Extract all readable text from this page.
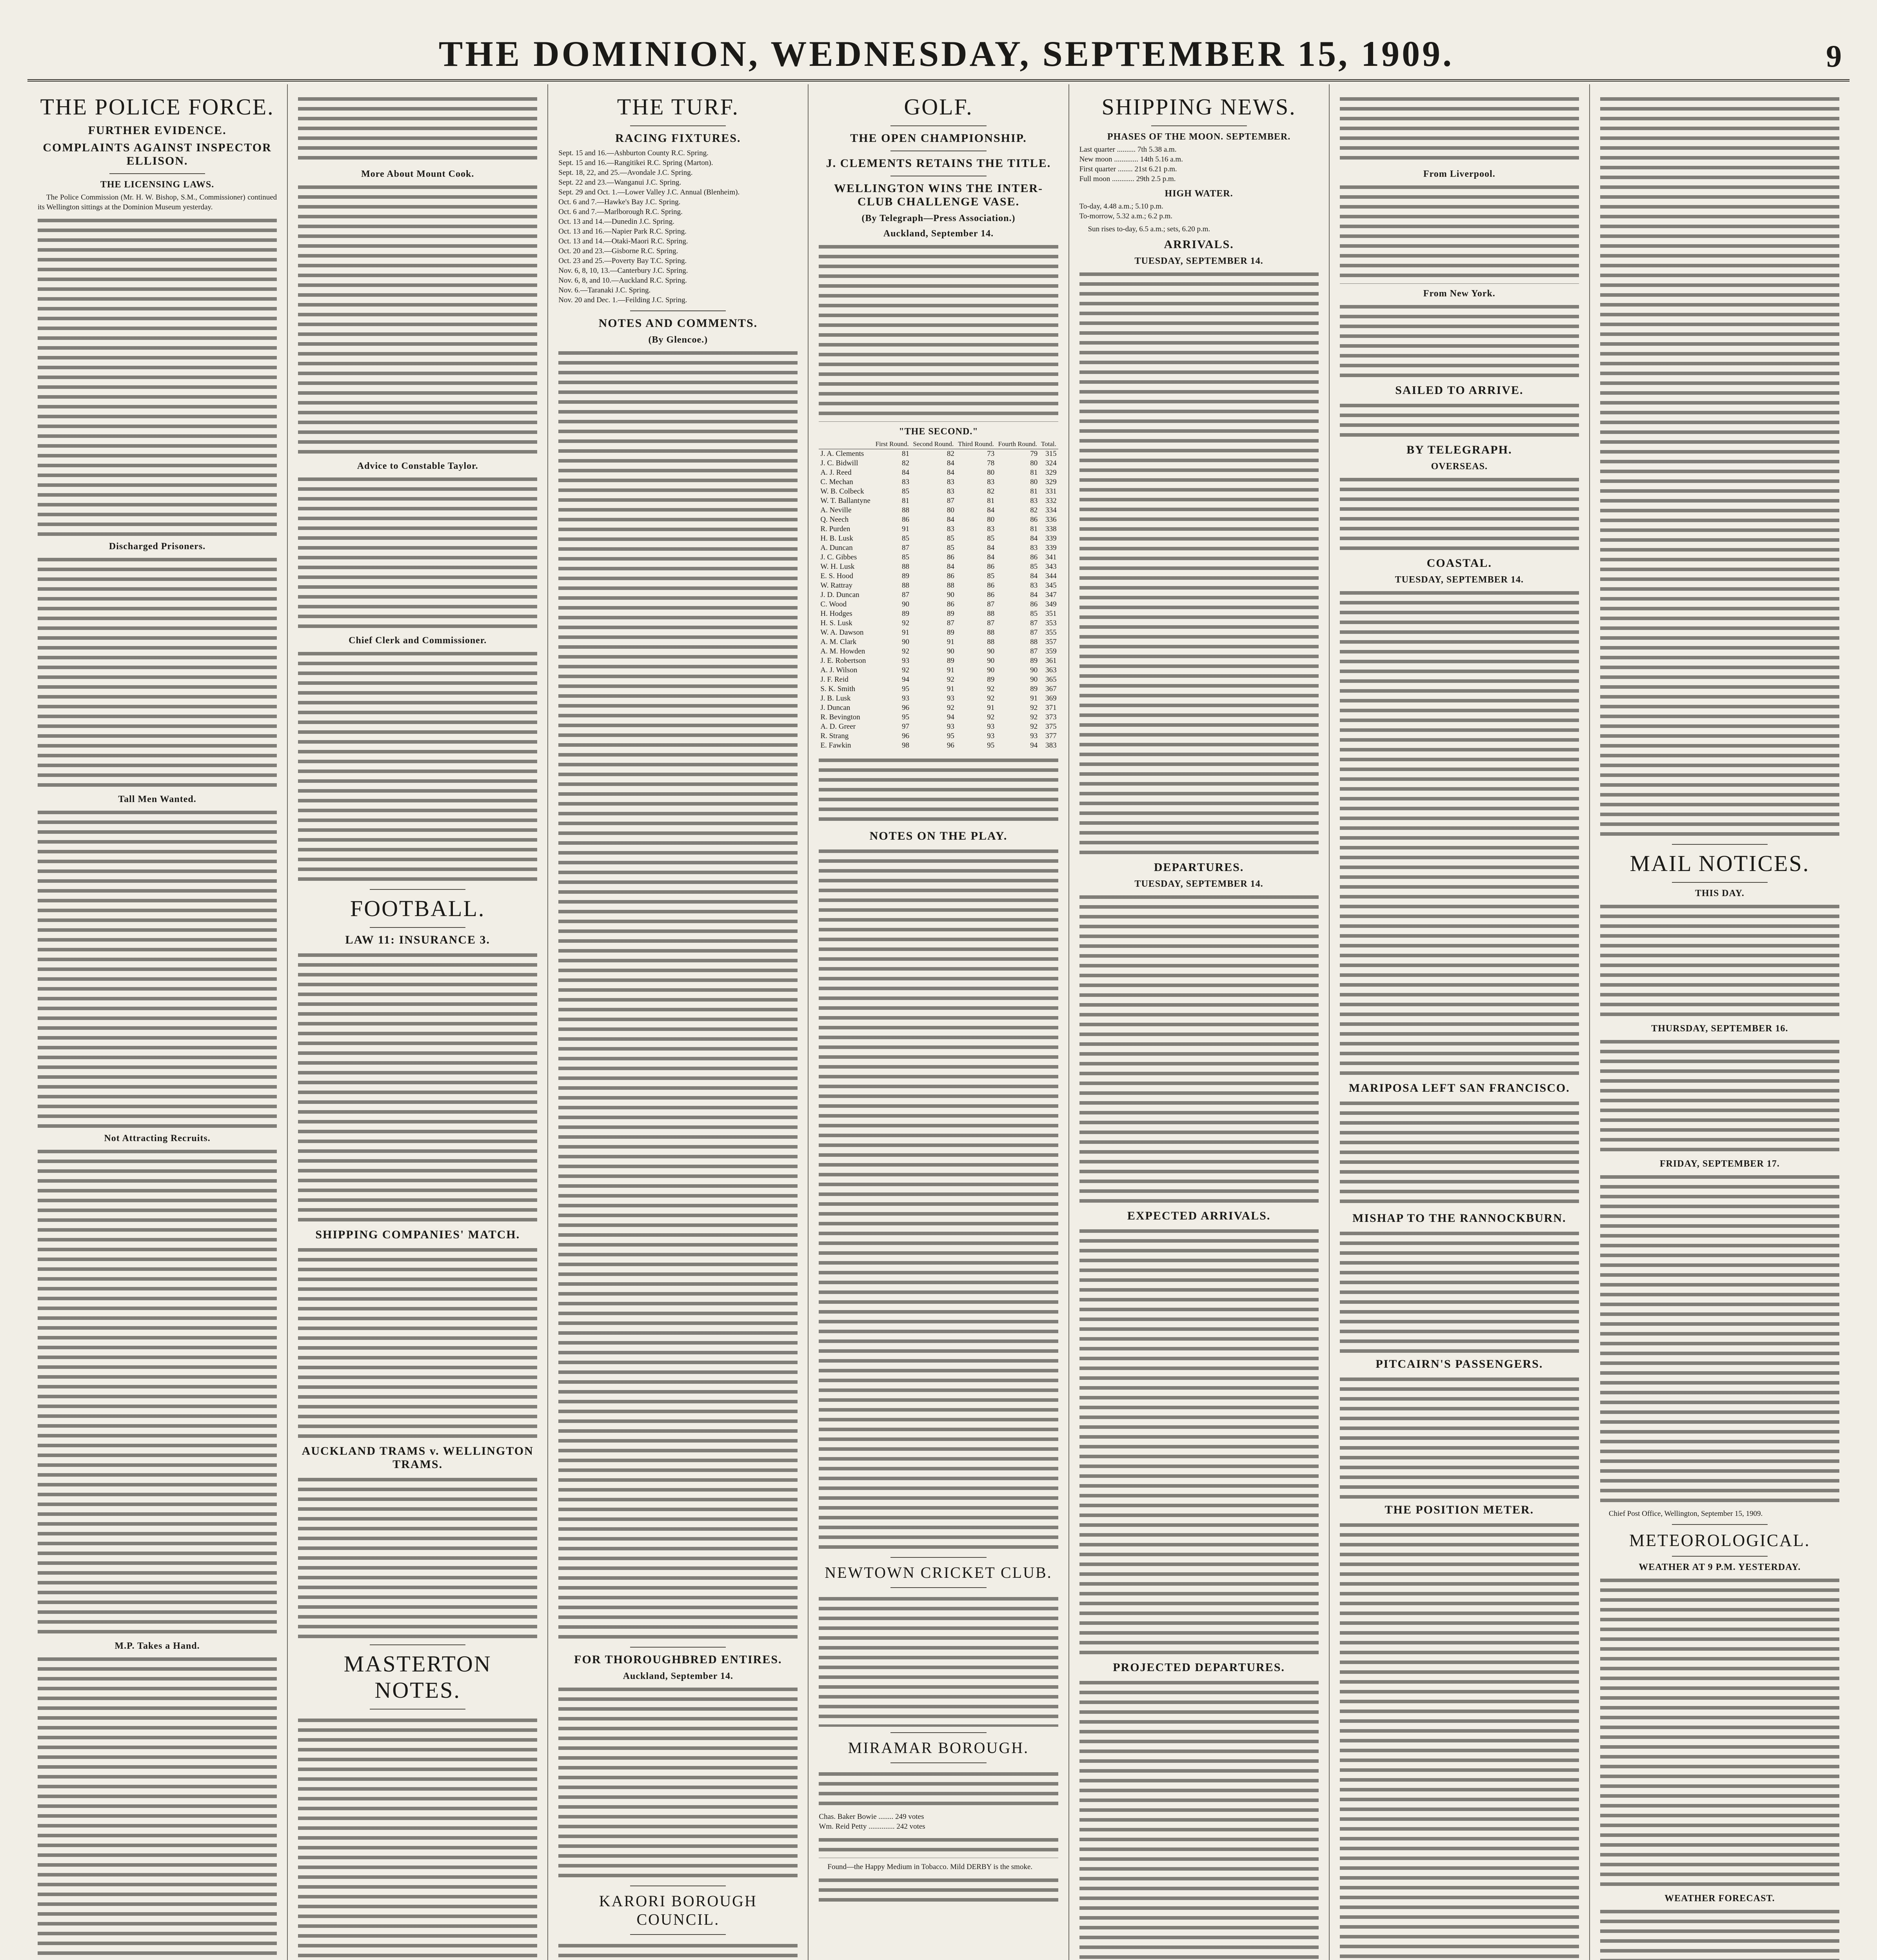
THE DOMINION, WEDNESDAY, SEPTEMBER 15, 1909.	9
THE POLICE FORCE.
FURTHER EVIDENCE.
COMPLAINTS AGAINST INSPECTOR ELLISON.
THE LICENSING LAWS.

The Police Commission (Mr. H. W. Bishop, S.M., Commissioner) continued its Wellington sittings at the Dominion Museum yesterday.

Discharged Prisoners.
Tall Men Wanted.
Not Attracting Recruits.
M.P. Takes a Hand.
More About Mount Cook.
Advice to Constable Taylor.
Chief Clerk and Commissioner.
FOOTBALL.
LAW 11: INSURANCE 3.
SHIPPING COMPANIES' MATCH.
AUCKLAND TRAMS v. WELLINGTON TRAMS.
MASTERTON NOTES.
THE TURF.
RACING FIXTURES.
Sept. 15 and 16.—Ashburton County R.C. Spring.
Sept. 15 and 16.—Rangitikei R.C. Spring (Marton).
Sept. 18, 22, and 25.—Avondale J.C. Spring.
Sept. 22 and 23.—Wanganui J.C. Spring.
Sept. 29 and Oct. 1.—Lower Valley J.C. Annual (Blenheim).
Oct. 6 and 7.—Hawke's Bay J.C. Spring.
Oct. 6 and 7.—Marlborough R.C. Spring.
Oct. 13 and 14.—Dunedin J.C. Spring.
Oct. 13 and 16.—Napier Park R.C. Spring.
Oct. 13 and 14.—Otaki-Maori R.C. Spring.
Oct. 20 and 23.—Gisborne R.C. Spring.
Oct. 23 and 25.—Poverty Bay T.C. Spring.
Nov. 6, 8, 10, 13.—Canterbury J.C. Spring.
Nov. 6, 8, and 10.—Auckland R.C. Spring.
Nov. 6.—Taranaki J.C. Spring.
Nov. 20 and Dec. 1.—Feilding J.C. Spring.
NOTES AND COMMENTS.
(By Glencoe.)
FOR THOROUGHBRED ENTIRES.
Auckland, September 14.
KARORI BOROUGH COUNCIL.
GOLF.
THE OPEN CHAMPIONSHIP.
J. CLEMENTS RETAINS THE TITLE.
WELLINGTON WINS THE INTER-CLUB CHALLENGE VASE.
(By Telegraph—Press Association.)
Auckland, September 14.
"THE SECOND."
	First Round.	Second Round.	Third Round.	Fourth Round.	Total.
J. A. Clements	81	82	73	79	315
J. C. Bidwill	82	84	78	80	324
A. J. Reed	84	84	80	81	329
C. Mechan	83	83	83	80	329
W. B. Colbeck	85	83	82	81	331
W. T. Ballantyne	81	87	81	83	332
A. Neville	88	80	84	82	334
Q. Neech	86	84	80	86	336
R. Purden	91	83	83	81	338
H. B. Lusk	85	85	85	84	339
A. Duncan	87	85	84	83	339
J. C. Gibbes	85	86	84	86	341
W. H. Lusk	88	84	86	85	343
E. S. Hood	89	86	85	84	344
W. Rattray	88	88	86	83	345
J. D. Duncan	87	90	86	84	347
C. Wood	90	86	87	86	349
H. Hodges	89	89	88	85	351
H. S. Lusk	92	87	87	87	353
W. A. Dawson	91	89	88	87	355
A. M. Clark	90	91	88	88	357
A. M. Howden	92	90	90	87	359
J. E. Robertson	93	89	90	89	361
A. J. Wilson	92	91	90	90	363
J. F. Reid	94	92	89	90	365
S. K. Smith	95	91	92	89	367
J. B. Lusk	93	93	92	91	369
J. Duncan	96	92	91	92	371
R. Bevington	95	94	92	92	373
A. D. Greer	97	93	93	92	375
R. Strang	96	95	93	93	377
E. Fawkin	98	96	95	94	383
NOTES ON THE PLAY.
NEWTOWN CRICKET CLUB.
MIRAMAR BOROUGH.
Chas. Baker Bowie ........ 249 votes
Wm. Reid Petty .............. 242 votes

Found—the Happy Medium in Tobacco. Mild DERBY is the smoke.

SHIPPING NEWS.
PHASES OF THE MOON. SEPTEMBER.
Last quarter .......... 7th 5.38 a.m.
New moon ............. 14th 5.16 a.m.
First quarter ........ 21st 6.21 p.m.
Full moon ............ 29th 2.5 p.m.
HIGH WATER.
To-day, 4.48 a.m.; 5.10 p.m.
To-morrow, 5.32 a.m.; 6.2 p.m.

Sun rises to-day, 6.5 a.m.; sets, 6.20 p.m.

ARRIVALS.
TUESDAY, SEPTEMBER 14.
DEPARTURES.
TUESDAY, SEPTEMBER 14.
EXPECTED ARRIVALS.
PROJECTED DEPARTURES.
From Liverpool.
From New York.
SAILED TO ARRIVE.
BY TELEGRAPH.
OVERSEAS.
COASTAL.
TUESDAY, SEPTEMBER 14.
MARIPOSA LEFT SAN FRANCISCO.
MISHAP TO THE RANNOCKBURN.
PITCAIRN'S PASSENGERS.
THE POSITION METER.
MAIL NOTICES.
THIS DAY.
THURSDAY, SEPTEMBER 16.
FRIDAY, SEPTEMBER 17.

Chief Post Office, Wellington, September 15, 1909.

METEOROLOGICAL.
WEATHER AT 9 P.M. YESTERDAY.
WEATHER FORECAST.
